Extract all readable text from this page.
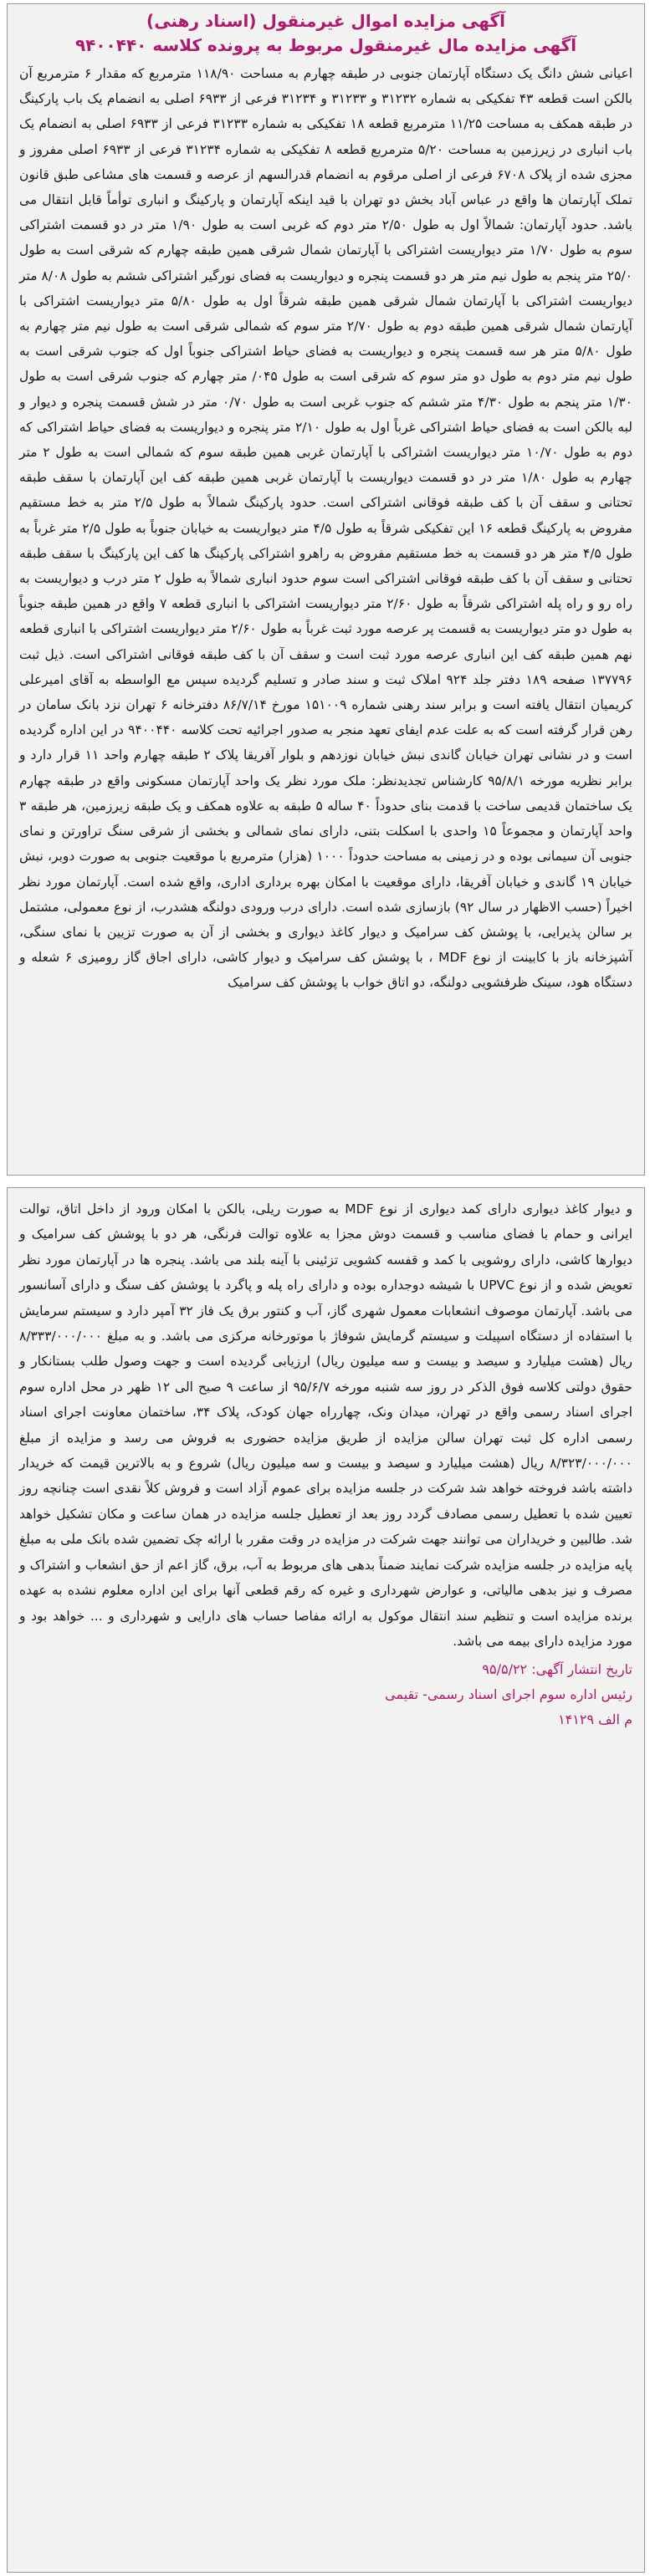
آگهی مزایده اموال غیرمنقول (اسناد رهنی)
آگهی مزایده مال غیرمنقول مربوط به پرونده کلاسه ۹۴۰۰۴۴۰
اعیانی شش دانگ یک دستگاه آپارتمان جنوبی در طبقه چهارم به مساحت ۱۱۸/۹۰ مترمربع که مقدار ۶ مترمربع آن بالکن است قطعه ۴۳ تفکیکی به شماره ۳۱۲۳۲ و ۳۱۲۳۳ و ۳۱۲۳۴ فرعی از ۶۹۳۳ اصلی به انضمام یک باب پارکینگ در طبقه همکف به مساحت ۱۱/۲۵ مترمربع قطعه ۱۸ تفکیکی به شماره ۳۱۲۳۳ فرعی از ۶۹۳۳ اصلی به انضمام یک باب انباری در زیرزمین به مساحت ۵/۲۰ مترمربع قطعه ۸ تفکیکی به شماره ۳۱۲۳۴ فرعی از ۶۹۳۳ اصلی مفروز و مجزی شده از پلاک ۶۷۰۸ فرعی از اصلی مرقوم به انضمام قدرالسهم از عرصه و قسمت های مشاعی طبق قانون تملک آپارتمان ها واقع در عباس آباد بخش دو تهران با قید اینکه آپارتمان و پارکینگ و انباری توأماً قابل انتقال می باشد. حدود آپارتمان: شمالاً اول به طول ۲/۵۰ متر دوم که غربی است به طول ۱/۹۰ متر در دو قسمت اشتراکی سوم به طول ۱/۷۰ متر دیواریست اشتراکی با آپارتمان شمال شرقی همین طبقه چهارم که شرقی است به طول ۲۵/۰ متر پنجم به طول نیم متر هر دو قسمت پنجره و دیواریست به فضای نورگیر اشتراکی ششم به طول ۸/۰۸ متر دیواریست اشتراکی با آپارتمان شمال شرقی همین طبقه شرقاً اول به طول ۵/۸۰ متر دیواریست اشتراکی با آپارتمان شمال شرقی همین طبقه دوم به طول ۲/۷۰ متر سوم که شمالی شرقی است به طول نیم متر چهارم به طول ۵/۸۰ متر هر سه قسمت پنجره و دیواریست به فضای حیاط اشتراکی جنوباً اول که جنوب شرقی است به طول نیم متر دوم به طول دو متر سوم که شرقی است به طول ۰۴۵/ متر چهارم که جنوب شرقی است به طول ۱/۳۰ متر پنجم به طول ۴/۳۰ متر ششم که جنوب غربی است به طول ۰/۷۰ متر در شش قسمت پنجره و دیوار و لبه بالکن است به فضای حیاط اشتراکی غرباً اول به طول ۲/۱۰ متر پنجره و دیواریست به فضای حیاط اشتراکی که دوم به طول ۱۰/۷۰ متر دیواریست اشتراکی با آپارتمان غربی همین طبقه سوم که شمالی است به طول ۲ متر چهارم به طول ۱/۸۰ متر در دو قسمت دیواریست با آپارتمان غربی همین طبقه کف این آپارتمان با سقف طبقه تحتانی و سقف آن با کف طبقه فوقانی اشتراکی است. حدود پارکینگ شمالاً به طول ۲/۵ متر به خط مستقیم مفروض به پارکینگ قطعه ۱۶ این تفکیکی شرقاً به طول ۴/۵ متر دیواریست به خیابان جنوباً به طول ۲/۵ متر غرباً به طول ۴/۵ متر هر دو قسمت به خط مستقیم مفروض به راهرو اشتراکی پارکینگ ها کف این پارکینگ با سقف طبقه تحتانی و سقف آن با کف طبقه فوقانی اشتراکی است سوم حدود انباری شمالاً به طول ۲ متر درب و دیواریست به راه رو و راه پله اشتراکی شرقاً به طول ۲/۶۰ متر دیواریست اشتراکی با انباری قطعه ۷ واقع در همین طبقه جنوباً به طول دو متر دیواریست به قسمت پر عرصه مورد ثبت غرباً به طول ۲/۶۰ متر دیواریست اشتراکی با انباری قطعه نهم همین طبقه کف این انباری عرصه مورد ثبت است و سقف آن با کف طبقه فوقانی اشتراکی است. ذیل ثبت ۱۳۷۷۹۶ صفحه ۱۸۹ دفتر جلد ۹۲۴ املاک ثبت و سند صادر و تسلیم گردیده سپس مع الواسطه به آقای امیرعلی کریمیان انتقال یافته است و برابر سند رهنی شماره ۱۵۱۰۰۹ مورخ ۸۶/۷/۱۴ دفترخانه ۶ تهران نزد بانک سامان در رهن قرار گرفته است که به علت عدم ایفای تعهد منجر به صدور اجرائیه تحت کلاسه ۹۴۰۰۴۴۰ در این اداره گردیده است و در نشانی تهران خیابان گاندی نبش خیابان نوزدهم و بلوار آفریقا پلاک ۲ طبقه چهارم واحد ۱۱ قرار دارد و برابر نظریه مورخه ۹۵/۸/۱ کارشناس تجدیدنظر: ملک مورد نظر یک واحد آپارتمان مسکونی واقع در طبقه چهارم یک ساختمان قدیمی ساخت با قدمت بنای حدوداً ۴۰ ساله ۵ طبقه به علاوه همکف و یک طبقه زیرزمین، هر طبقه ۳ واحد آپارتمان و مجموعاً ۱۵ واحدی با اسکلت بتنی، دارای نمای شمالی و بخشی از شرقی سنگ تراورتن و نمای جنوبی آن سیمانی بوده و در زمینی به مساحت حدوداً ۱۰۰۰ (هزار) مترمربع با موقعیت جنوبی به صورت دوبر، نبش خیابان ۱۹ گاندی و خیابان آفریقا، دارای موقعیت با امکان بهره برداری اداری، واقع شده است. آپارتمان مورد نظر اخیراً (حسب الاظهار در سال ۹۲) بازسازی شده است. دارای درب ورودی دولنگه هشدرب، از نوع معمولی، مشتمل بر سالن پذیرایی، با پوشش کف سرامیک و دیوار کاغذ دیواری و بخشی از آن به صورت تزیین با نمای سنگی، آشپزخانه باز با کابینت از نوع MDF ، با پوشش کف سرامیک و دیوار کاشی، دارای اجاق گاز رومیزی ۶ شعله و دستگاه هود، سینک ظرفشویی دولنگه، دو اتاق خواب با پوشش کف سرامیک
و دیوار کاغذ دیواری دارای کمد دیواری از نوع MDF به صورت ریلی، بالکن با امکان ورود از داخل اتاق، توالت ایرانی و حمام با فضای مناسب و قسمت دوش مجزا به علاوه توالت فرنگی، هر دو با پوشش کف سرامیک و دیوارها کاشی، دارای روشویی با کمد و قفسه کشویی تزئینی با آینه بلند می باشد. پنجره ها در آپارتمان مورد نظر تعویض شده و از نوع UPVC با شیشه دوجداره بوده و دارای راه پله و پاگرد با پوشش کف سنگ و دارای آسانسور می باشد. آپارتمان موصوف انشعابات معمول شهری گاز، آب و کنتور برق یک فاز ۳۲ آمپر دارد و سیستم سرمایش با استفاده از دستگاه اسپیلت و سیستم گرمایش شوفاژ با موتورخانه مرکزی می باشد. و به مبلغ ۸/۳۳۳/۰۰۰/۰۰۰ ریال (هشت میلیارد و سیصد و بیست و سه میلیون ریال) ارزیابی گردیده است و جهت وصول طلب بستانکار و حقوق دولتی کلاسه فوق الذکر در روز سه شنبه مورخه ۹۵/۶/۷ از ساعت ۹ صبح الی ۱۲ ظهر در محل اداره سوم اجرای اسناد رسمی واقع در تهران، میدان ونک، چهارراه جهان کودک، پلاک ۳۴، ساختمان معاونت اجرای اسناد رسمی اداره کل ثبت تهران سالن مزایده از طریق مزایده حضوری به فروش می رسد و مزایده از مبلغ ۸/۳۲۳/۰۰۰/۰۰۰ ریال (هشت میلیارد و سیصد و بیست و سه میلیون ریال) شروع و به بالاترین قیمت که خریدار داشته باشد فروخته خواهد شد شرکت در جلسه مزایده برای عموم آزاد است و فروش کلاً نقدی است چنانچه روز تعیین شده با تعطیل رسمی مصادف گردد روز بعد از تعطیل جلسه مزایده در همان ساعت و مکان تشکیل خواهد شد. طالبین و خریداران می توانند جهت شرکت در مزایده در وقت مقرر با ارائه چک تضمین شده بانک ملی به مبلغ پایه مزایده در جلسه مزایده شرکت نمایند ضمناً بدهی های مربوط به آب، برق، گاز اعم از حق انشعاب و اشتراک و مصرف و نیز بدهی مالیاتی، و عوارض شهرداری و غیره که رقم قطعی آنها برای این اداره معلوم نشده به عهده برنده مزایده است و تنظیم سند انتقال موکول به ارائه مفاصا حساب های دارایی و شهرداری و ... خواهد بود و مورد مزایده دارای بیمه می باشد.
تاریخ انتشار آگهی: ۹۵/۵/۲۲
رئیس اداره سوم اجرای اسناد رسمی- تقیمی
م الف ۱۴۱۲۹
